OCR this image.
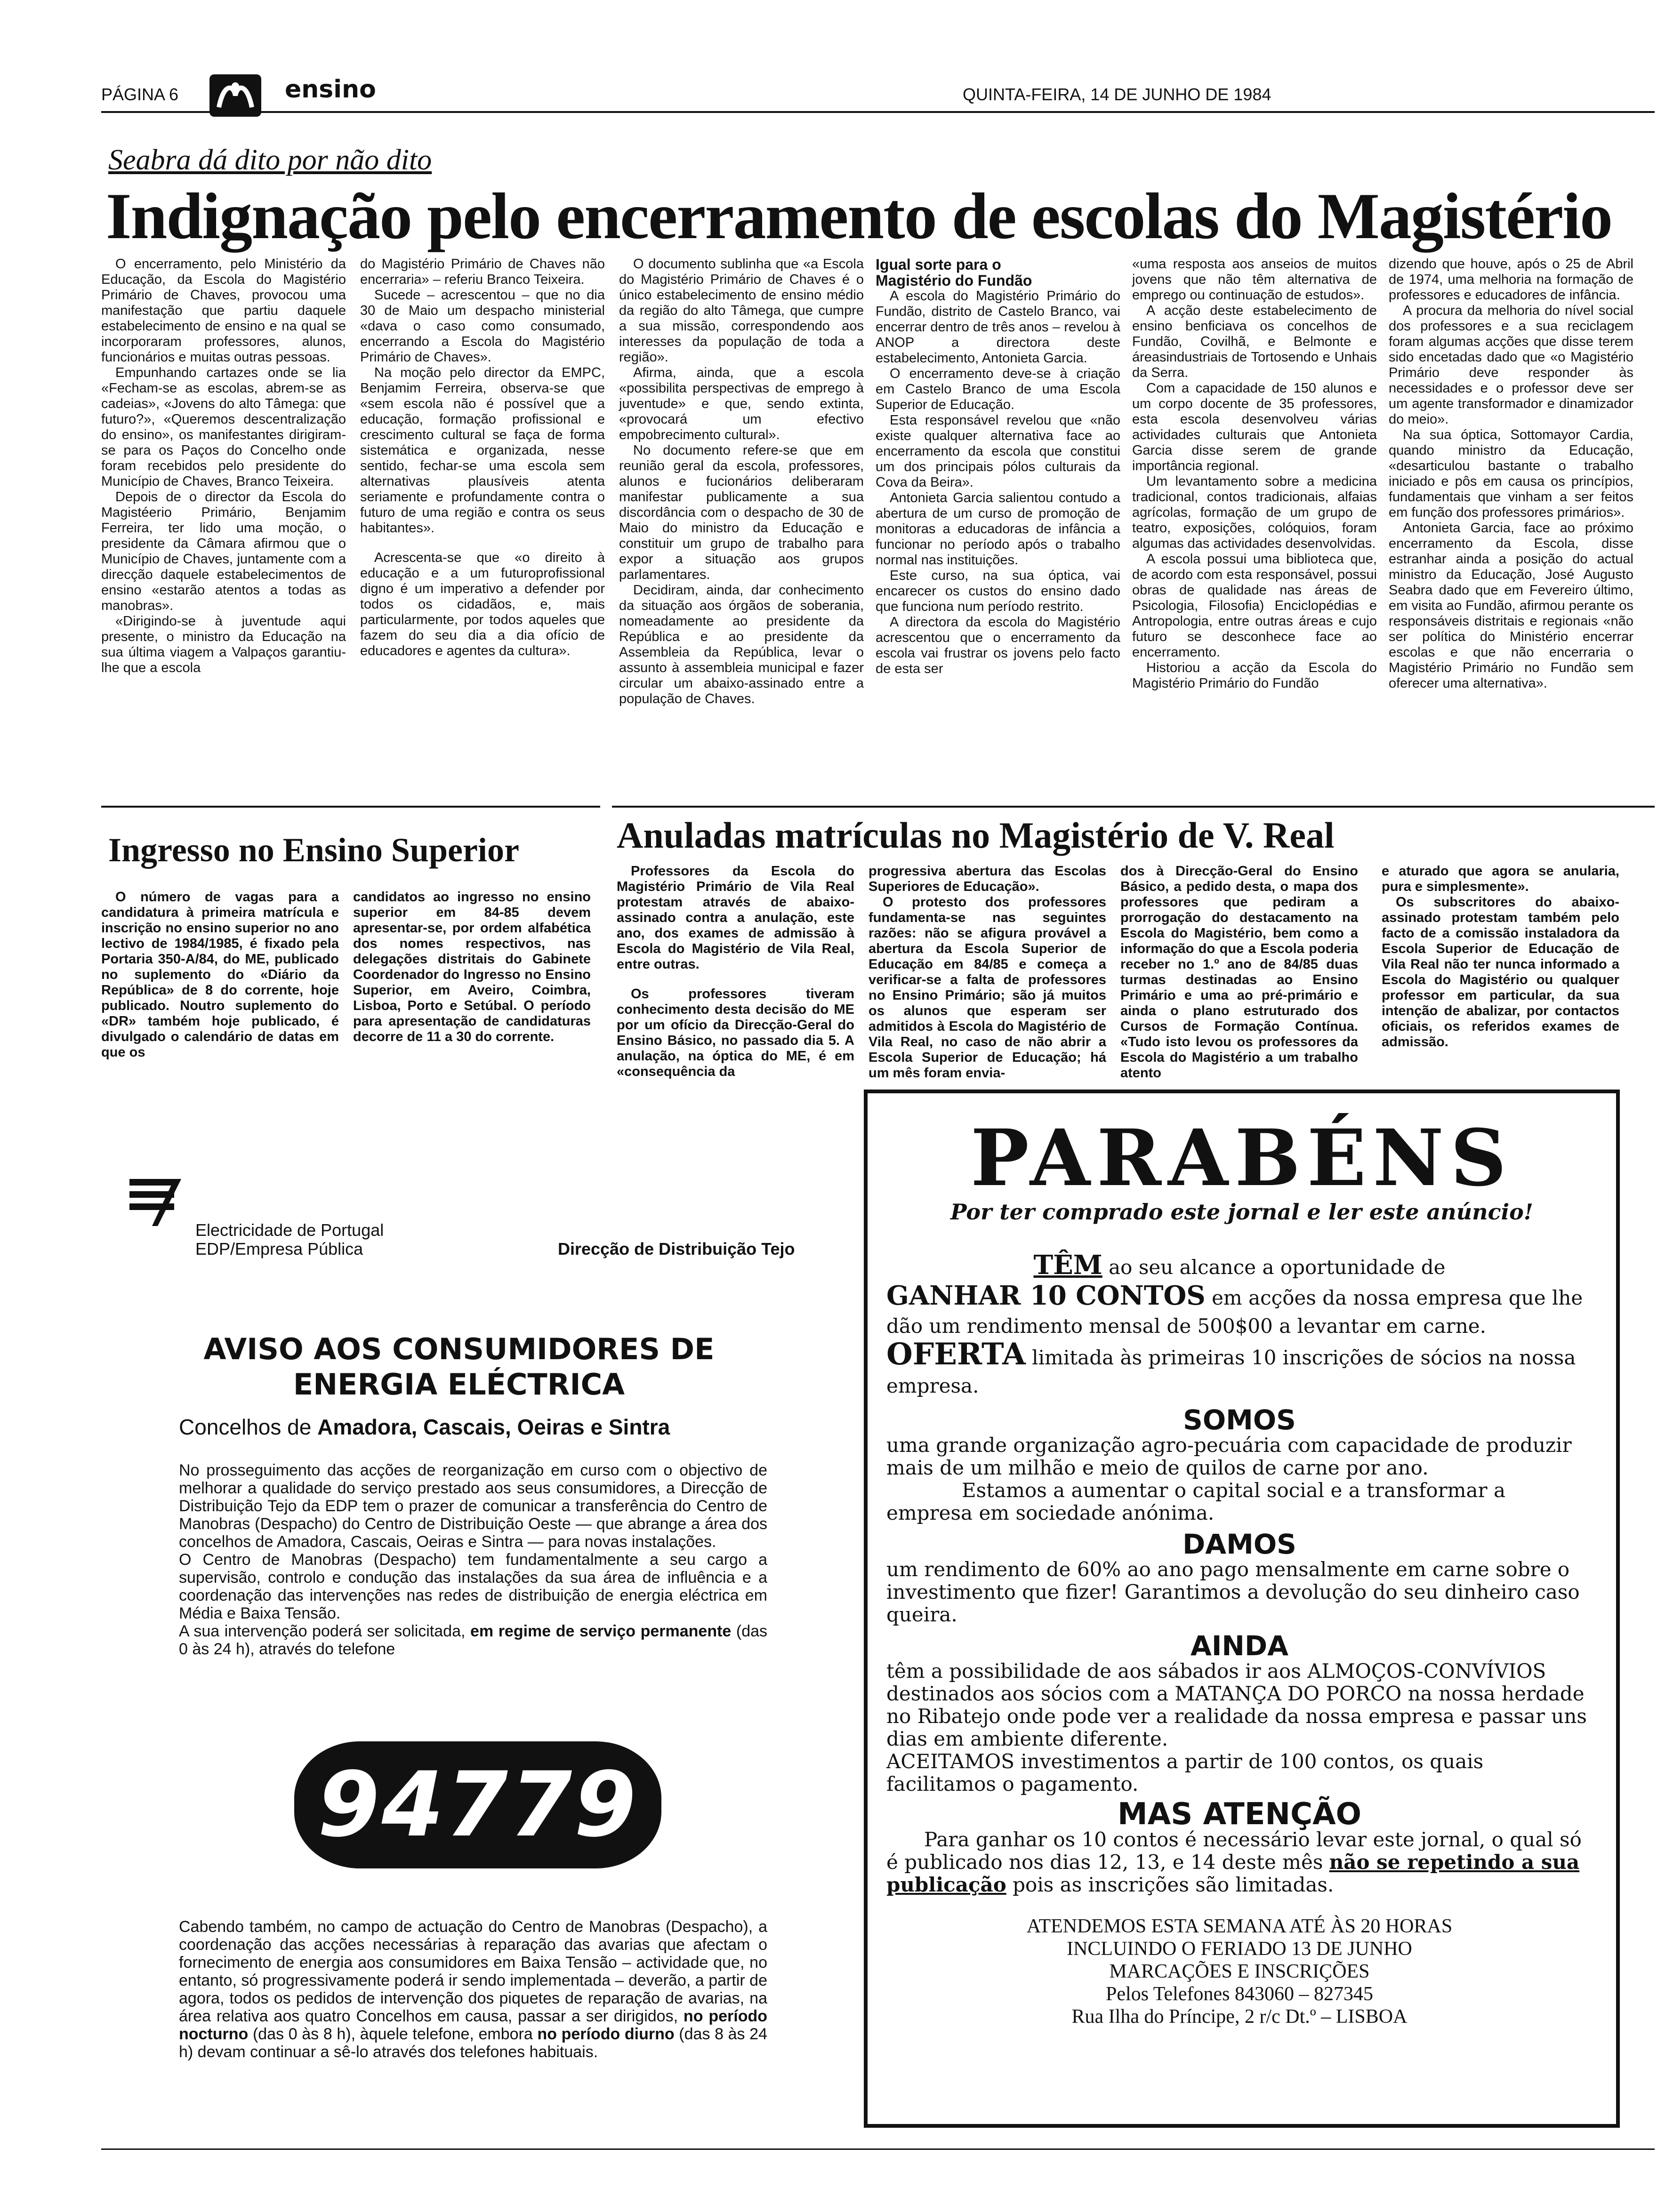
PÁGINA 6	ensino	QUINTA-FEIRA, 14 DE JUNHO DE 1984
Seabra dá dito por não dito
Indignação pelo encerramento de escolas do Magistério

O encerramento, pelo Ministério da Educação, da Escola do Magistério Primário de Chaves, provocou uma manifestação que partiu daquele estabelecimento de ensino e na qual se incorporaram professores, alunos, funcionários e muitas outras pessoas.

Empunhando cartazes onde se lia «Fecham-se as escolas, abrem-se as cadeias», «Jovens do alto Tâmega: que futuro?», «Queremos descentralização do ensino», os manifestantes dirigiram-se para os Paços do Concelho onde foram recebidos pelo presidente do Município de Chaves, Branco Teixeira.

Depois de o director da Escola do Magistéerio Primário, Benjamim Ferreira, ter lido uma moção, o presidente da Câmara afirmou que o Município de Chaves, juntamente com a direcção daquele estabelecimentos de ensino «estarão atentos a todas as manobras».

«Dirigindo-se à juventude aqui presente, o ministro da Educação na sua última viagem a Valpaços garantiu-lhe que a escola

do Magistério Primário de Chaves não encerraria» – referiu Branco Teixeira.

Sucede – acrescentou – que no dia 30 de Maio um despacho ministerial «dava o caso como consumado, encerrando a Escola do Magistério Primário de Chaves».

Na moção pelo director da EMPC, Benjamim Ferreira, observa-se que «sem escola não é possível que a educação, formação profissional e crescimento cultural se faça de forma sistemática e organizada, nesse sentido, fechar-se uma escola sem alternativas plausíveis atenta seriamente e profundamente contra o futuro de uma região e contra os seus habitantes».

Acrescenta-se que «o direito à educação e a um futuroprofissional digno é um imperativo a defender por todos os cidadãos, e, mais particularmente, por todos aqueles que fazem do seu dia a dia ofício de educadores e agentes da cultura».

O documento sublinha que «a Escola do Magistério Primário de Chaves é o único estabelecimento de ensino médio da região do alto Tâmega, que cumpre a sua missão, correspondendo aos interesses da população de toda a região».

Afirma, ainda, que a escola «possibilita perspectivas de emprego à juventude» e que, sendo extinta, «provocará um efectivo empobrecimento cultural».

No documento refere-se que em reunião geral da escola, professores, alunos e fucionários deliberaram manifestar publicamente a sua discordância com o despacho de 30 de Maio do ministro da Educação e constituir um grupo de trabalho para expor a situação aos grupos parlamentares.

Decidiram, ainda, dar conhecimento da situação aos órgãos de soberania, nomeadamente ao presidente da República e ao presidente da Assembleia da República, levar o assunto à assembleia municipal e fazer circular um abaixo-assinado entre a população de Chaves.

Igual sorte para o Magistério do Fundão

A escola do Magistério Primário do Fundão, distrito de Castelo Branco, vai encerrar dentro de três anos – revelou à ANOP a directora deste estabelecimento, Antonieta Garcia.

O encerramento deve-se à criação em Castelo Branco de uma Escola Superior de Educação.

Esta responsável revelou que «não existe qualquer alternativa face ao encerramento da escola que constitui um dos principais pólos culturais da Cova da Beira».

Antonieta Garcia salientou contudo a abertura de um curso de promoção de monitoras a educadoras de infância a funcionar no período após o trabalho normal nas instituições.

Este curso, na sua óptica, vai encarecer os custos do ensino dado que funciona num período restrito.

A directora da escola do Magistério acrescentou que o encerramento da escola vai frustrar os jovens pelo facto de esta ser

«uma resposta aos anseios de muitos jovens que não têm alternativa de emprego ou continuação de estudos».

A acção deste estabelecimento de ensino benficiava os concelhos de Fundão, Covilhã, e Belmonte e áreasindustriais de Tortosendo e Unhais da Serra.

Com a capacidade de 150 alunos e um corpo docente de 35 professores, esta escola desenvolveu várias actividades culturais que Antonieta Garcia disse serem de grande importância regional.

Um levantamento sobre a medicina tradicional, contos tradicionais, alfaias agrícolas, formação de um grupo de teatro, exposições, colóquios, foram algumas das actividades desenvolvidas.

A escola possui uma biblioteca que, de acordo com esta responsável, possui obras de qualidade nas áreas de Psicologia, Filosofia) Enciclopédias e Antropologia, entre outras áreas e cujo futuro se desconhece face ao encerramento.

Historiou a acção da Escola do Magistério Primário do Fundão

dizendo que houve, após o 25 de Abril de 1974, uma melhoria na formação de professores e educadores de infância.

A procura da melhoria do nível social dos professores e a sua reciclagem foram algumas acções que disse terem sido encetadas dado que «o Magistério Primário deve responder às necessidades e o professor deve ser um agente transformador e dinamizador do meio».

Na sua óptica, Sottomayor Cardia, quando ministro da Educação, «desarticulou bastante o trabalho iniciado e pôs em causa os princípios, fundamentais que vinham a ser feitos em função dos professores primários».

Antonieta Garcia, face ao próximo encerramento da Escola, disse estranhar ainda a posição do actual ministro da Educação, José Augusto Seabra dado que em Fevereiro último, em visita ao Fundão, afirmou perante os responsáveis distritais e regionais «não ser política do Ministério encerrar escolas e que não encerraria o Magistério Primário no Fundão sem oferecer uma alternativa».

Ingresso no Ensino Superior

O número de vagas para a candidatura à primeira matrícula e inscrição no ensino superior no ano lectivo de 1984/1985, é fixado pela Portaria 350-A/84, do ME, publicado no suplemento do «Diário da República» de 8 do corrente, hoje publicado. Noutro suplemento do «DR» também hoje publicado, é divulgado o calendário de datas em que os

candidatos ao ingresso no ensino superior em 84-85 devem apresentar-se, por ordem alfabética dos nomes respectivos, nas delegações distritais do Gabinete Coordenador do Ingresso no Ensino Superior, em Aveiro, Coimbra, Lisboa, Porto e Setúbal. O período para apresentação de candidaturas decorre de 11 a 30 do corrente.

Anuladas matrículas no Magistério de V. Real

Professores da Escola do Magistério Primário de Vila Real protestam através de abaixo-assinado contra a anulação, este ano, dos exames de admissão à Escola do Magistério de Vila Real, entre outras.

Os professores tiveram conhecimento desta decisão do ME por um ofício da Direcção-Geral do Ensino Básico, no passado dia 5. A anulação, na óptica do ME, é em «consequência da

progressiva abertura das Escolas Superiores de Educação».

O protesto dos professores fundamenta-se nas seguintes razões: não se afigura provável a abertura da Escola Superior de Educação em 84/85 e começa a verificar-se a falta de professores no Ensino Primário; são já muitos os alunos que esperam ser admitidos à Escola do Magistério de Vila Real, no caso de não abrir a Escola Superior de Educação; há um mês foram envia-

dos à Direcção-Geral do Ensino Básico, a pedido desta, o mapa dos professores que pediram a prorrogação do destacamento na Escola do Magistério, bem como a informação do que a Escola poderia receber no 1.º ano de 84/85 duas turmas destinadas ao Ensino Primário e uma ao pré-primário e ainda o plano estruturado dos Cursos de Formação Contínua. «Tudo isto levou os professores da Escola do Magistério a um trabalho atento

e aturado que agora se anularia, pura e simplesmente».

Os subscritores do abaixo-assinado protestam também pelo facto de a comissão instaladora da Escola Superior de Educação de Vila Real não ter nunca informado a Escola do Magistério ou qualquer professor em particular, da sua intenção de abalizar, por contactos oficiais, os referidos exames de admissão.

Electricidade de Portugal
EDP/Empresa Pública	Direcção de Distribuição Tejo
AVISO AOS CONSUMIDORES DE
ENERGIA ELÉCTRICA
Concelhos de Amadora, Cascais, Oeiras e Sintra
No prosseguimento das acções de reorganização em curso com o objectivo de melhorar a qualidade do serviço prestado aos seus consumidores, a Direcção de Distribuição Tejo da EDP tem o prazer de comunicar a transferência do Centro de Manobras (Despacho) do Centro de Distribuição Oeste — que abrange a área dos concelhos de Amadora, Cascais, Oeiras e Sintra — para novas instalações.
O Centro de Manobras (Despacho) tem fundamentalmente a seu cargo a supervisão, controlo e condução das instalações da sua área de influência e a coordenação das intervenções nas redes de distribuição de energia eléctrica em Média e Baixa Tensão.
A sua intervenção poderá ser solicitada, em regime de serviço permanente (das 0 às 24 h), através do telefone
94779
Cabendo também, no campo de actuação do Centro de Manobras (Despacho), a coordenação das acções necessárias à reparação das avarias que afectam o fornecimento de energia aos consumidores em Baixa Tensão – actividade que, no entanto, só progressivamente poderá ir sendo implementada – deverão, a partir de agora, todos os pedidos de intervenção dos piquetes de reparação de avarias, na área relativa aos quatro Concelhos em causa, passar a ser dirigidos, no período nocturno (das 0 às 8 h), àquele telefone, embora no período diurno (das 8 às 24 h) devam continuar a sê-lo através dos telefones habituais.
PARABÉNS
Por ter comprado este jornal e ler este anúncio!
TÊM ao seu alcance a oportunidade de
GANHAR 10 CONTOS em acções da nossa empresa que lhe dão um rendimento mensal de 500$00 a levantar em carne.
OFERTA limitada às primeiras 10 inscrições de sócios na nossa empresa.
SOMOS
uma grande organização agro-pecuária com capacidade de produzir mais de um milhão e meio de quilos de carne por ano.
Estamos a aumentar o capital social e a transformar a empresa em sociedade anónima.
DAMOS
um rendimento de 60% ao ano pago mensalmente em carne sobre o investimento que fizer! Garantimos a devolução do seu dinheiro caso queira.
AINDA
têm a possibilidade de aos sábados ir aos ALMOÇOS-CONVÍVIOS destinados aos sócios com a MATANÇA DO PORCO na nossa herdade no Ribatejo onde pode ver a realidade da nossa empresa e passar uns dias em ambiente diferente.
ACEITAMOS investimentos a partir de 100 contos, os quais facilitamos o pagamento.
MAS ATENÇÃO
Para ganhar os 10 contos é necessário levar este jornal, o qual só é publicado nos dias 12, 13, e 14 deste mês não se repetindo a sua publicação pois as inscrições são limitadas.
ATENDEMOS ESTA SEMANA ATÉ ÀS 20 HORAS
INCLUINDO O FERIADO 13 DE JUNHO
MARCAÇÕES E INSCRIÇÕES
Pelos Telefones 843060 – 827345
Rua Ilha do Príncipe, 2 r/c Dt.º – LISBOA
